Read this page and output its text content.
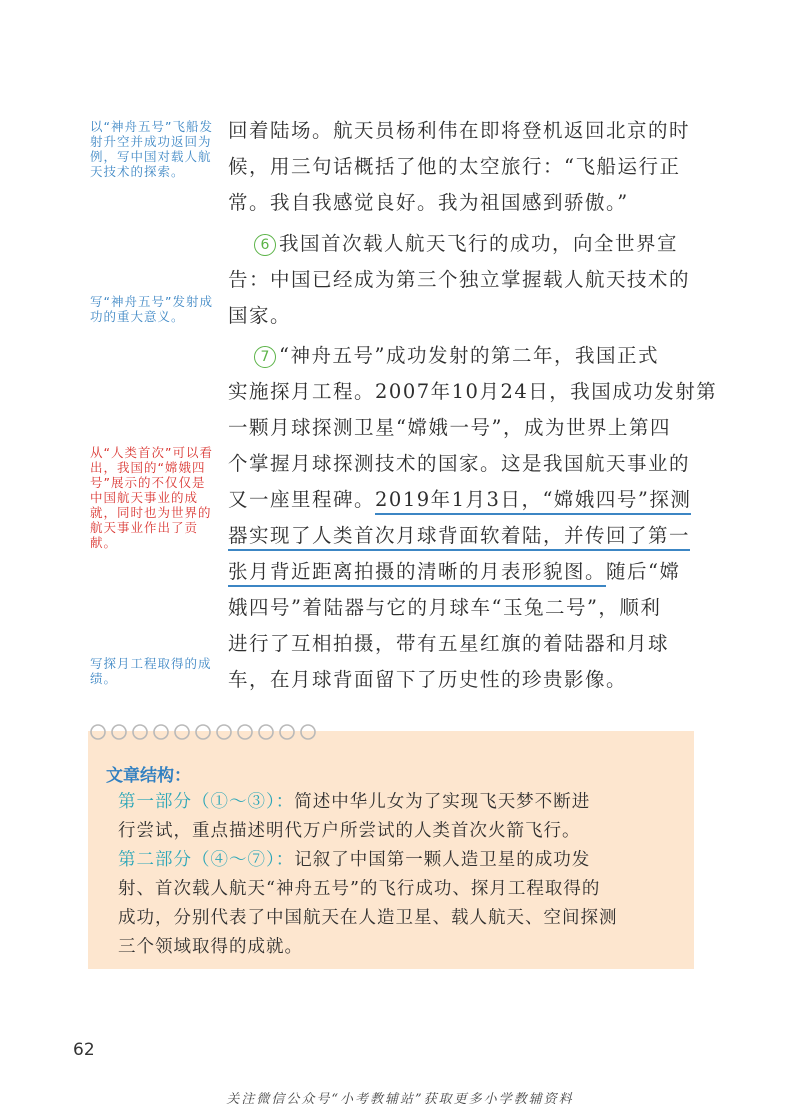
以“神舟五号”飞船发射升空并成功返回为例，写中国对载人航天技术的探索。
写“神舟五号”发射成功的重大意义。
从“人类首次”可以看出，我国的“嫦娥四号”展示的不仅仅是中国航天事业的成就，同时也为世界的航天事业作出了贡献。
写探月工程取得的成绩。
回着陆场。航天员杨利伟在即将登机返回北京的时
候，用三句话概括了他的太空旅行：“飞船运行正
常。我自我感觉良好。我为祖国感到骄傲。”
6 我国首次载人航天飞行的成功，向全世界宣
告：中国已经成为第三个独立掌握载人航天技术的
国家。
7 “神舟五号”成功发射的第二年，我国正式
实施探月工程。2007年10月24日，我国成功发射第
一颗月球探测卫星“嫦娥一号”，成为世界上第四
个掌握月球探测技术的国家。这是我国航天事业的
又一座里程碑。2019年1月3日，“嫦娥四号”探测
器实现了人类首次月球背面软着陆，并传回了第一
张月背近距离拍摄的清晰的月表形貌图。随后“嫦
娥四号”着陆器与它的月球车“玉兔二号”，顺利
进行了互相拍摄，带有五星红旗的着陆器和月球
车，在月球背面留下了历史性的珍贵影像。
文章结构：
第一部分（①～③）：简述中华儿女为了实现飞天梦不断进
行尝试，重点描述明代万户所尝试的人类首次火箭飞行。
第二部分（④～⑦）：记叙了中国第一颗人造卫星的成功发
射、首次载人航天“神舟五号”的飞行成功、探月工程取得的
成功，分别代表了中国航天在人造卫星、载人航天、空间探测
三个领域取得的成就。
62
关注微信公众号“小考教辅站”获取更多小学教辅资料
